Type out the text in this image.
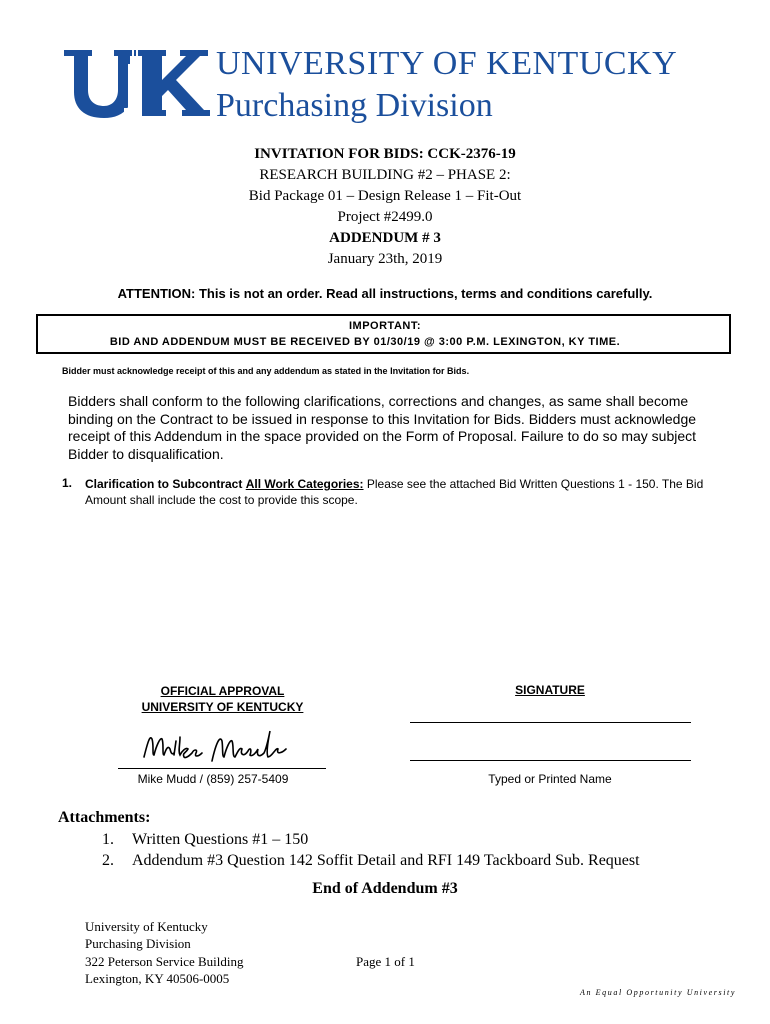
UNIVERSITY OF KENTUCKY
Purchasing Division
INVITATION FOR BIDS: CCK-2376-19
RESEARCH BUILDING #2 – PHASE 2:
Bid Package 01 – Design Release 1 – Fit-Out
Project #2499.0
ADDENDUM # 3
January 23th, 2019
ATTENTION: This is not an order. Read all instructions, terms and conditions carefully.
IMPORTANT:
BID AND ADDENDUM MUST BE RECEIVED BY 01/30/19 @ 3:00 P.M. LEXINGTON, KY TIME.
Bidder must acknowledge receipt of this and any addendum as stated in the Invitation for Bids.
Bidders shall conform to the following clarifications, corrections and changes, as same shall become binding on the Contract to be issued in response to this Invitation for Bids. Bidders must acknowledge receipt of this Addendum in the space provided on the Form of Proposal. Failure to do so may subject Bidder to disqualification.
1. Clarification to Subcontract All Work Categories: Please see the attached Bid Written Questions 1 - 150. The Bid Amount shall include the cost to provide this scope.
OFFICIAL APPROVAL
UNIVERSITY OF KENTUCKY
SIGNATURE
Mike Mudd / (859) 257-5409	Typed or Printed Name
Attachments:
1. Written Questions #1 – 150
2. Addendum #3 Question 142 Soffit Detail and RFI 149 Tackboard Sub. Request
End of Addendum #3
University of Kentucky
Purchasing Division
322 Peterson Service Building
Lexington, KY 40506-0005
Page 1 of 1
An Equal Opportunity University
